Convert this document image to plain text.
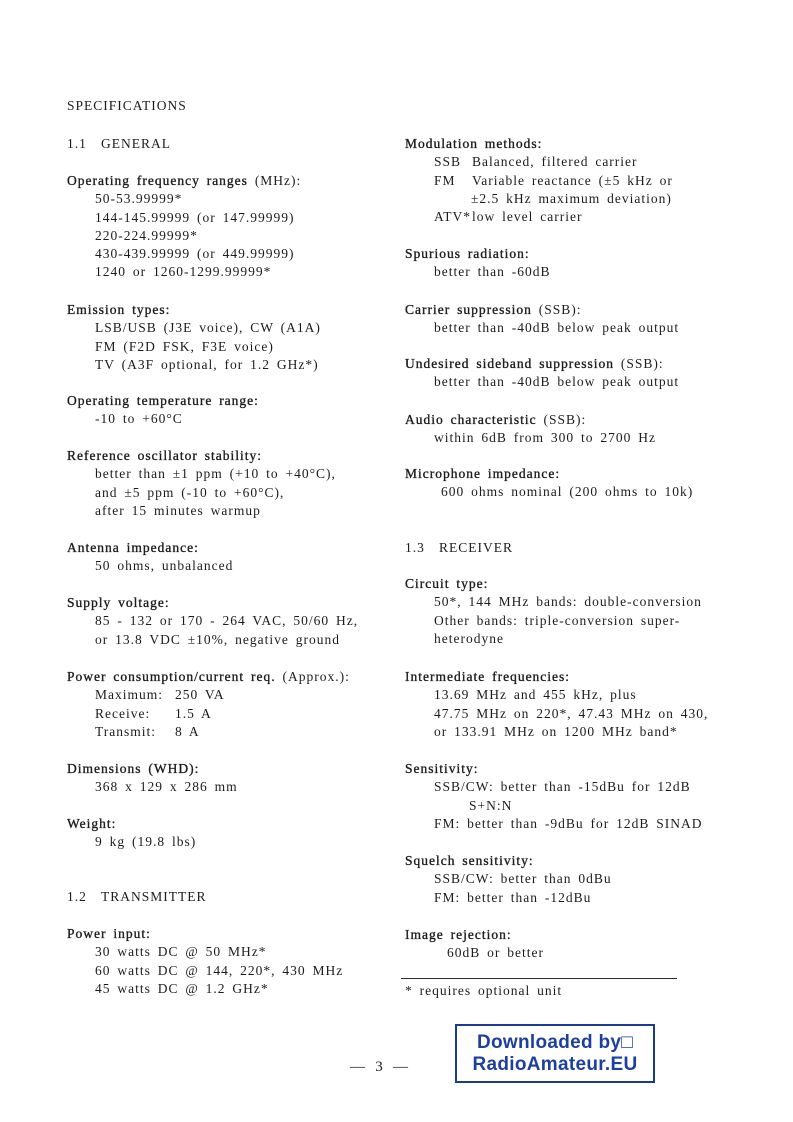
SPECIFICATIONS
1.1 GENERAL
Operating frequency ranges (MHz):
50-53.99999*
144-145.99999 (or 147.99999)
220-224.99999*
430-439.99999 (or 449.99999)
1240 or 1260-1299.99999*
Emission types:
LSB/USB (J3E voice), CW (A1A)
FM (F2D FSK, F3E voice)
TV (A3F optional, for 1.2 GHz*)
Operating temperature range:
-10 to +60°C
Reference oscillator stability:
better than ±1 ppm (+10 to +40°C),
and ±5 ppm (-10 to +60°C),
after 15 minutes warmup
Antenna impedance:
50 ohms, unbalanced
Supply voltage:
85 - 132 or 170 - 264 VAC, 50/60 Hz,
or 13.8 VDC ±10%, negative ground
Power consumption/current req. (Approx.):
Maximum: 250 VA
Receive: 1.5 A
Transmit: 8 A
Dimensions (WHD):
368 x 129 x 286 mm
Weight:
9 kg (19.8 lbs)
1.2 TRANSMITTER
Power input:
30 watts DC @ 50 MHz*
60 watts DC @ 144, 220*, 430 MHz
45 watts DC @ 1.2 GHz*
Modulation methods:
SSB Balanced, filtered carrier
FM Variable reactance (±5 kHz or
±2.5 kHz maximum deviation)
ATV*low level carrier
Spurious radiation:
better than -60dB
Carrier suppression (SSB):
better than -40dB below peak output
Undesired sideband suppression (SSB):
better than -40dB below peak output
Audio characteristic (SSB):
within 6dB from 300 to 2700 Hz
Microphone impedance:
600 ohms nominal (200 ohms to 10k)
1.3 RECEIVER
Circuit type:
50*, 144 MHz bands: double-conversion
Other bands: triple-conversion super-
heterodyne
Intermediate frequencies:
13.69 MHz and 455 kHz, plus
47.75 MHz on 220*, 47.43 MHz on 430,
or 133.91 MHz on 1200 MHz band*
Sensitivity:
SSB/CW: better than -15dBu for 12dB
S+N:N
FM: better than -9dBu for 12dB SINAD
Squelch sensitivity:
SSB/CW: better than 0dBu
FM: better than -12dBu
Image rejection:
60dB or better
* requires optional unit
— 3 —
Downloaded by□
RadioAmateur.EU
